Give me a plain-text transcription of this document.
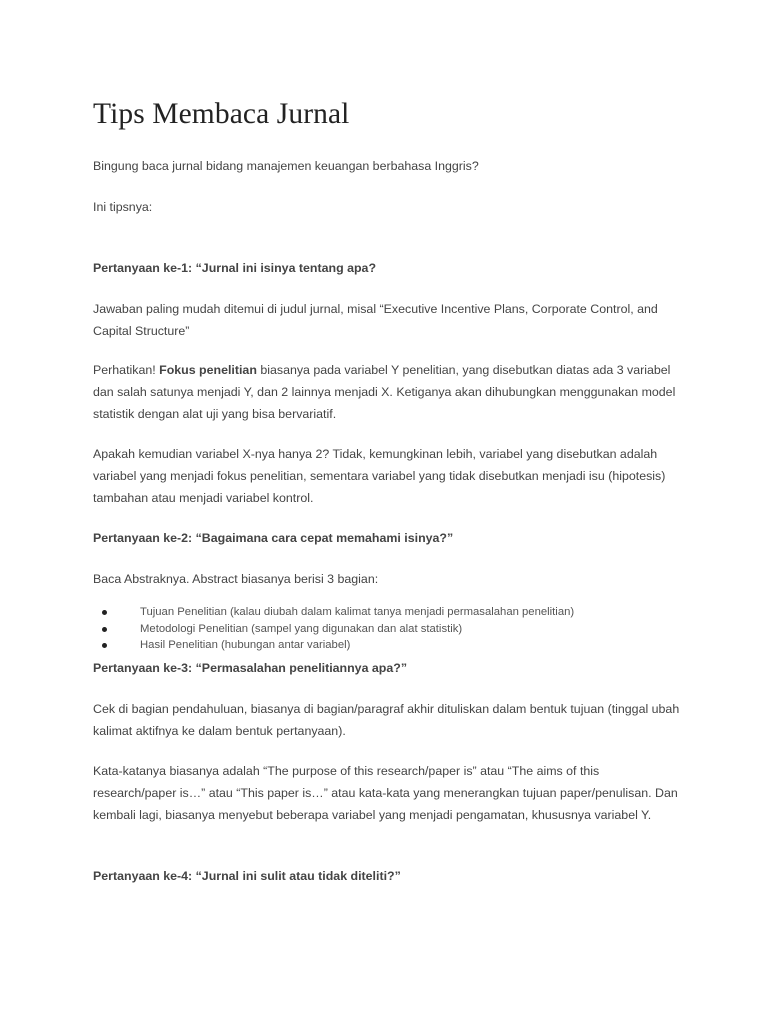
Tips Membaca Jurnal

Bingung baca jurnal bidang manajemen keuangan berbahasa Inggris?

Ini tipsnya:

Pertanyaan ke-1: “Jurnal ini isinya tentang apa?

Jawaban paling mudah ditemui di judul jurnal, misal “Executive Incentive Plans, Corporate Control, and Capital Structure”

Perhatikan! Fokus penelitian biasanya pada variabel Y penelitian, yang disebutkan diatas ada 3 variabel dan salah satunya menjadi Y, dan 2 lainnya menjadi X. Ketiganya akan dihubungkan menggunakan model statistik dengan alat uji yang bisa bervariatif.

Apakah kemudian variabel X-nya hanya 2? Tidak, kemungkinan lebih, variabel yang disebutkan adalah variabel yang menjadi fokus penelitian, sementara variabel yang tidak disebutkan menjadi isu (hipotesis) tambahan atau menjadi variabel kontrol.

Pertanyaan ke-2: “Bagaimana cara cepat memahami isinya?”

Baca Abstraknya. Abstract biasanya berisi 3 bagian:

Tujuan Penelitian (kalau diubah dalam kalimat tanya menjadi permasalahan penelitian)
Metodologi Penelitian (sampel yang digunakan dan alat statistik)
Hasil Penelitian (hubungan antar variabel)

Pertanyaan ke-3: “Permasalahan penelitiannya apa?”

Cek di bagian pendahuluan, biasanya di bagian/paragraf akhir dituliskan dalam bentuk tujuan (tinggal ubah kalimat aktifnya ke dalam bentuk pertanyaan).

Kata-katanya biasanya adalah “The purpose of this research/paper is” atau “The aims of this research/paper is…” atau “This paper is…” atau kata-kata yang menerangkan tujuan paper/penulisan. Dan kembali lagi, biasanya menyebut beberapa variabel yang menjadi pengamatan, khususnya variabel Y.

Pertanyaan ke-4: “Jurnal ini sulit atau tidak diteliti?”
